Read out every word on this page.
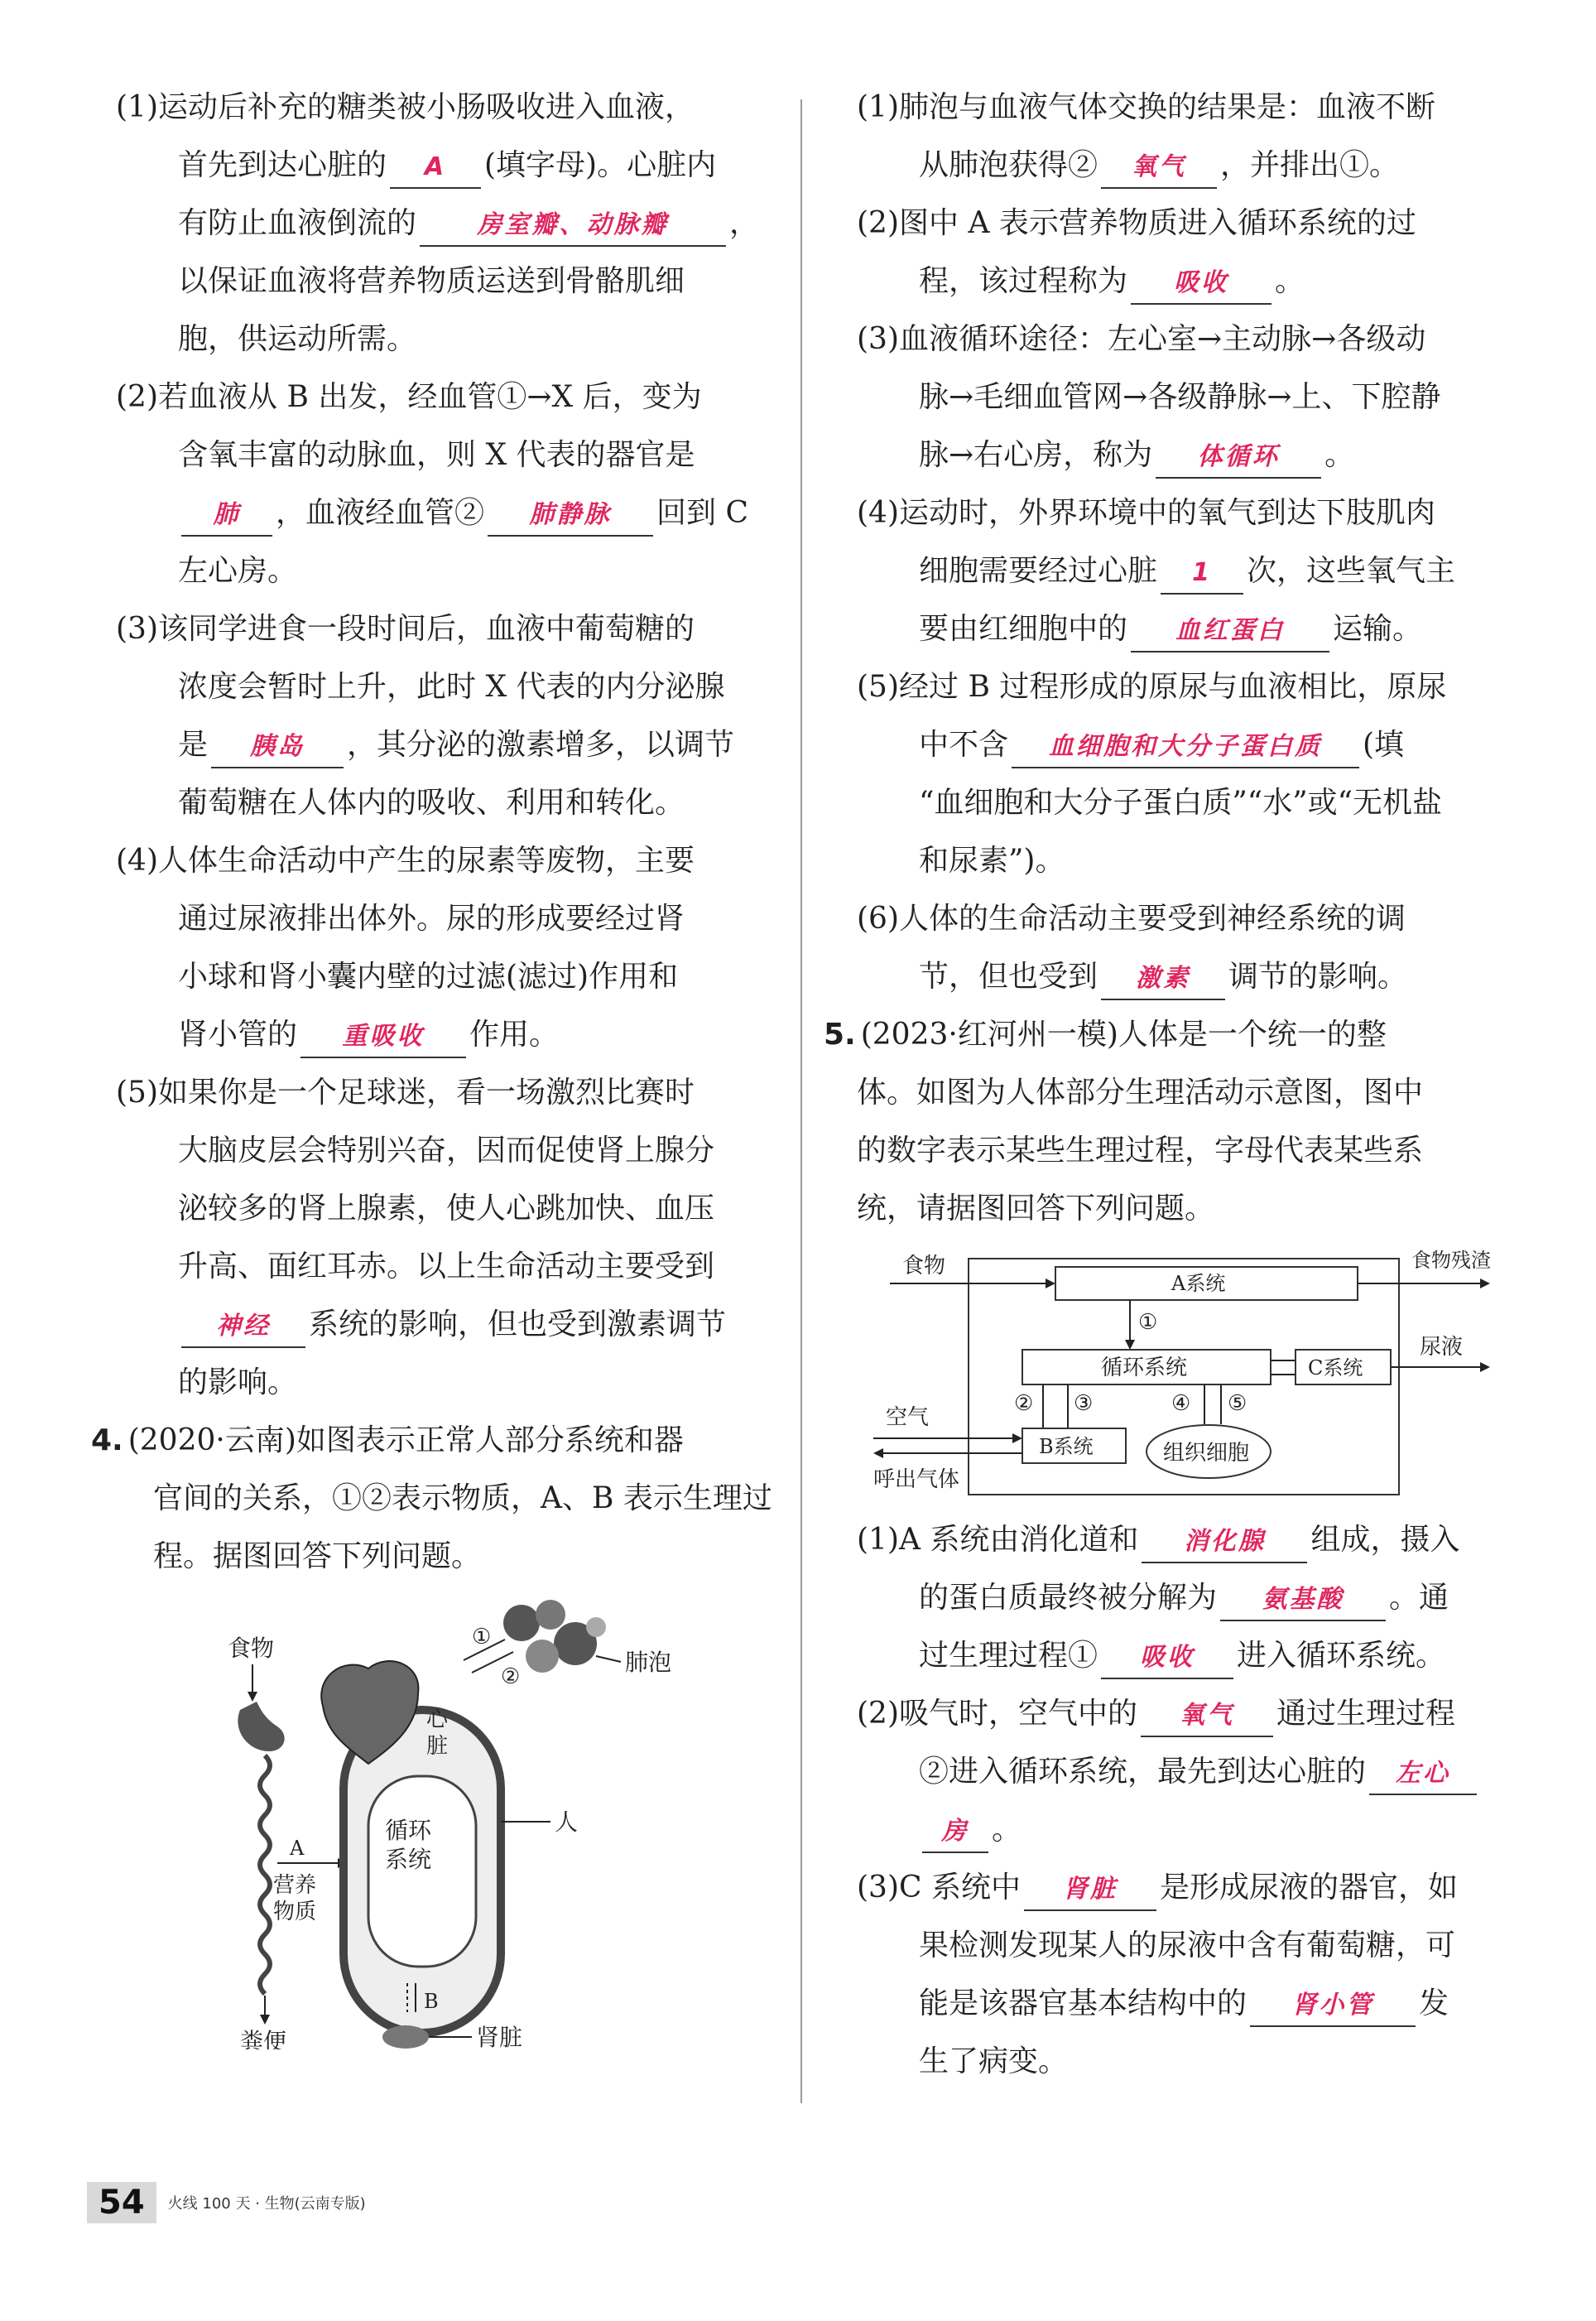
(1)运动后补充的糖类被小肠吸收进入血液，
首先到达心脏的 A (填字母)。心脏内
有防止血液倒流的 房室瓣、动脉瓣 ，
以保证血液将营养物质运送到骨骼肌细
胞，供运动所需。
(2)若血液从 B 出发，经血管①→X 后，变为
含氧丰富的动脉血，则 X 代表的器官是
肺 ，血液经血管② 肺静脉 回到 C
左心房。
(3)该同学进食一段时间后，血液中葡萄糖的
浓度会暂时上升，此时 X 代表的内分泌腺
是 胰岛 ，其分泌的激素增多，以调节
葡萄糖在人体内的吸收、利用和转化。
(4)人体生命活动中产生的尿素等废物，主要
通过尿液排出体外。尿的形成要经过肾
小球和肾小囊内壁的过滤(滤过)作用和
肾小管的 重吸收 作用。
(5)如果你是一个足球迷，看一场激烈比赛时
大脑皮层会特别兴奋，因而促使肾上腺分
泌较多的肾上腺素，使人心跳加快、血压
升高、面红耳赤。以上生命活动主要受到
神经 系统的影响，但也受到激素调节
的影响。
4. (2020·云南)如图表示正常人部分系统和器
官间的关系，①②表示物质，A、B 表示生理过
程。据图回答下列问题。
食物
粪便
A
营养
物质
循环
系统
心
脏
肺泡
①
②
人
B
肾脏
(1)肺泡与血液气体交换的结果是：血液不断
从肺泡获得② 氧气 ，并排出①。
(2)图中 A 表示营养物质进入循环系统的过
程，该过程称为 吸收 。
(3)血液循环途径：左心室→主动脉→各级动
脉→毛细血管网→各级静脉→上、下腔静
脉→右心房，称为 体循环 。
(4)运动时，外界环境中的氧气到达下肢肌肉
细胞需要经过心脏 1 次，这些氧气主
要由红细胞中的 血红蛋白 运输。
(5)经过 B 过程形成的原尿与血液相比，原尿
中不含 血细胞和大分子蛋白质 (填
“血细胞和大分子蛋白质”“水”或“无机盐
和尿素”)。
(6)人体的生命活动主要受到神经系统的调
节，但也受到 激素 调节的影响。
5. (2023·红河州一模)人体是一个统一的整
体。如图为人体部分生理活动示意图，图中
的数字表示某些生理过程，字母代表某些系
统，请据图回答下列问题。
食物
A系统
食物残渣
①
循环系统	C系统
尿液
② ③
B系统
空气
呼出气体
④ ⑤
组织细胞
(1)A 系统由消化道和 消化腺 组成，摄入
的蛋白质最终被分解为 氨基酸 。通
过生理过程① 吸收 进入循环系统。
(2)吸气时，空气中的 氧气 通过生理过程
②进入循环系统，最先到达心脏的 左心
房 。
(3)C 系统中 肾脏 是形成尿液的器官，如
果检测发现某人的尿液中含有葡萄糖，可
能是该器官基本结构中的 肾小管 发
生了病变。
54	火线 100 天 · 生物(云南专版)
